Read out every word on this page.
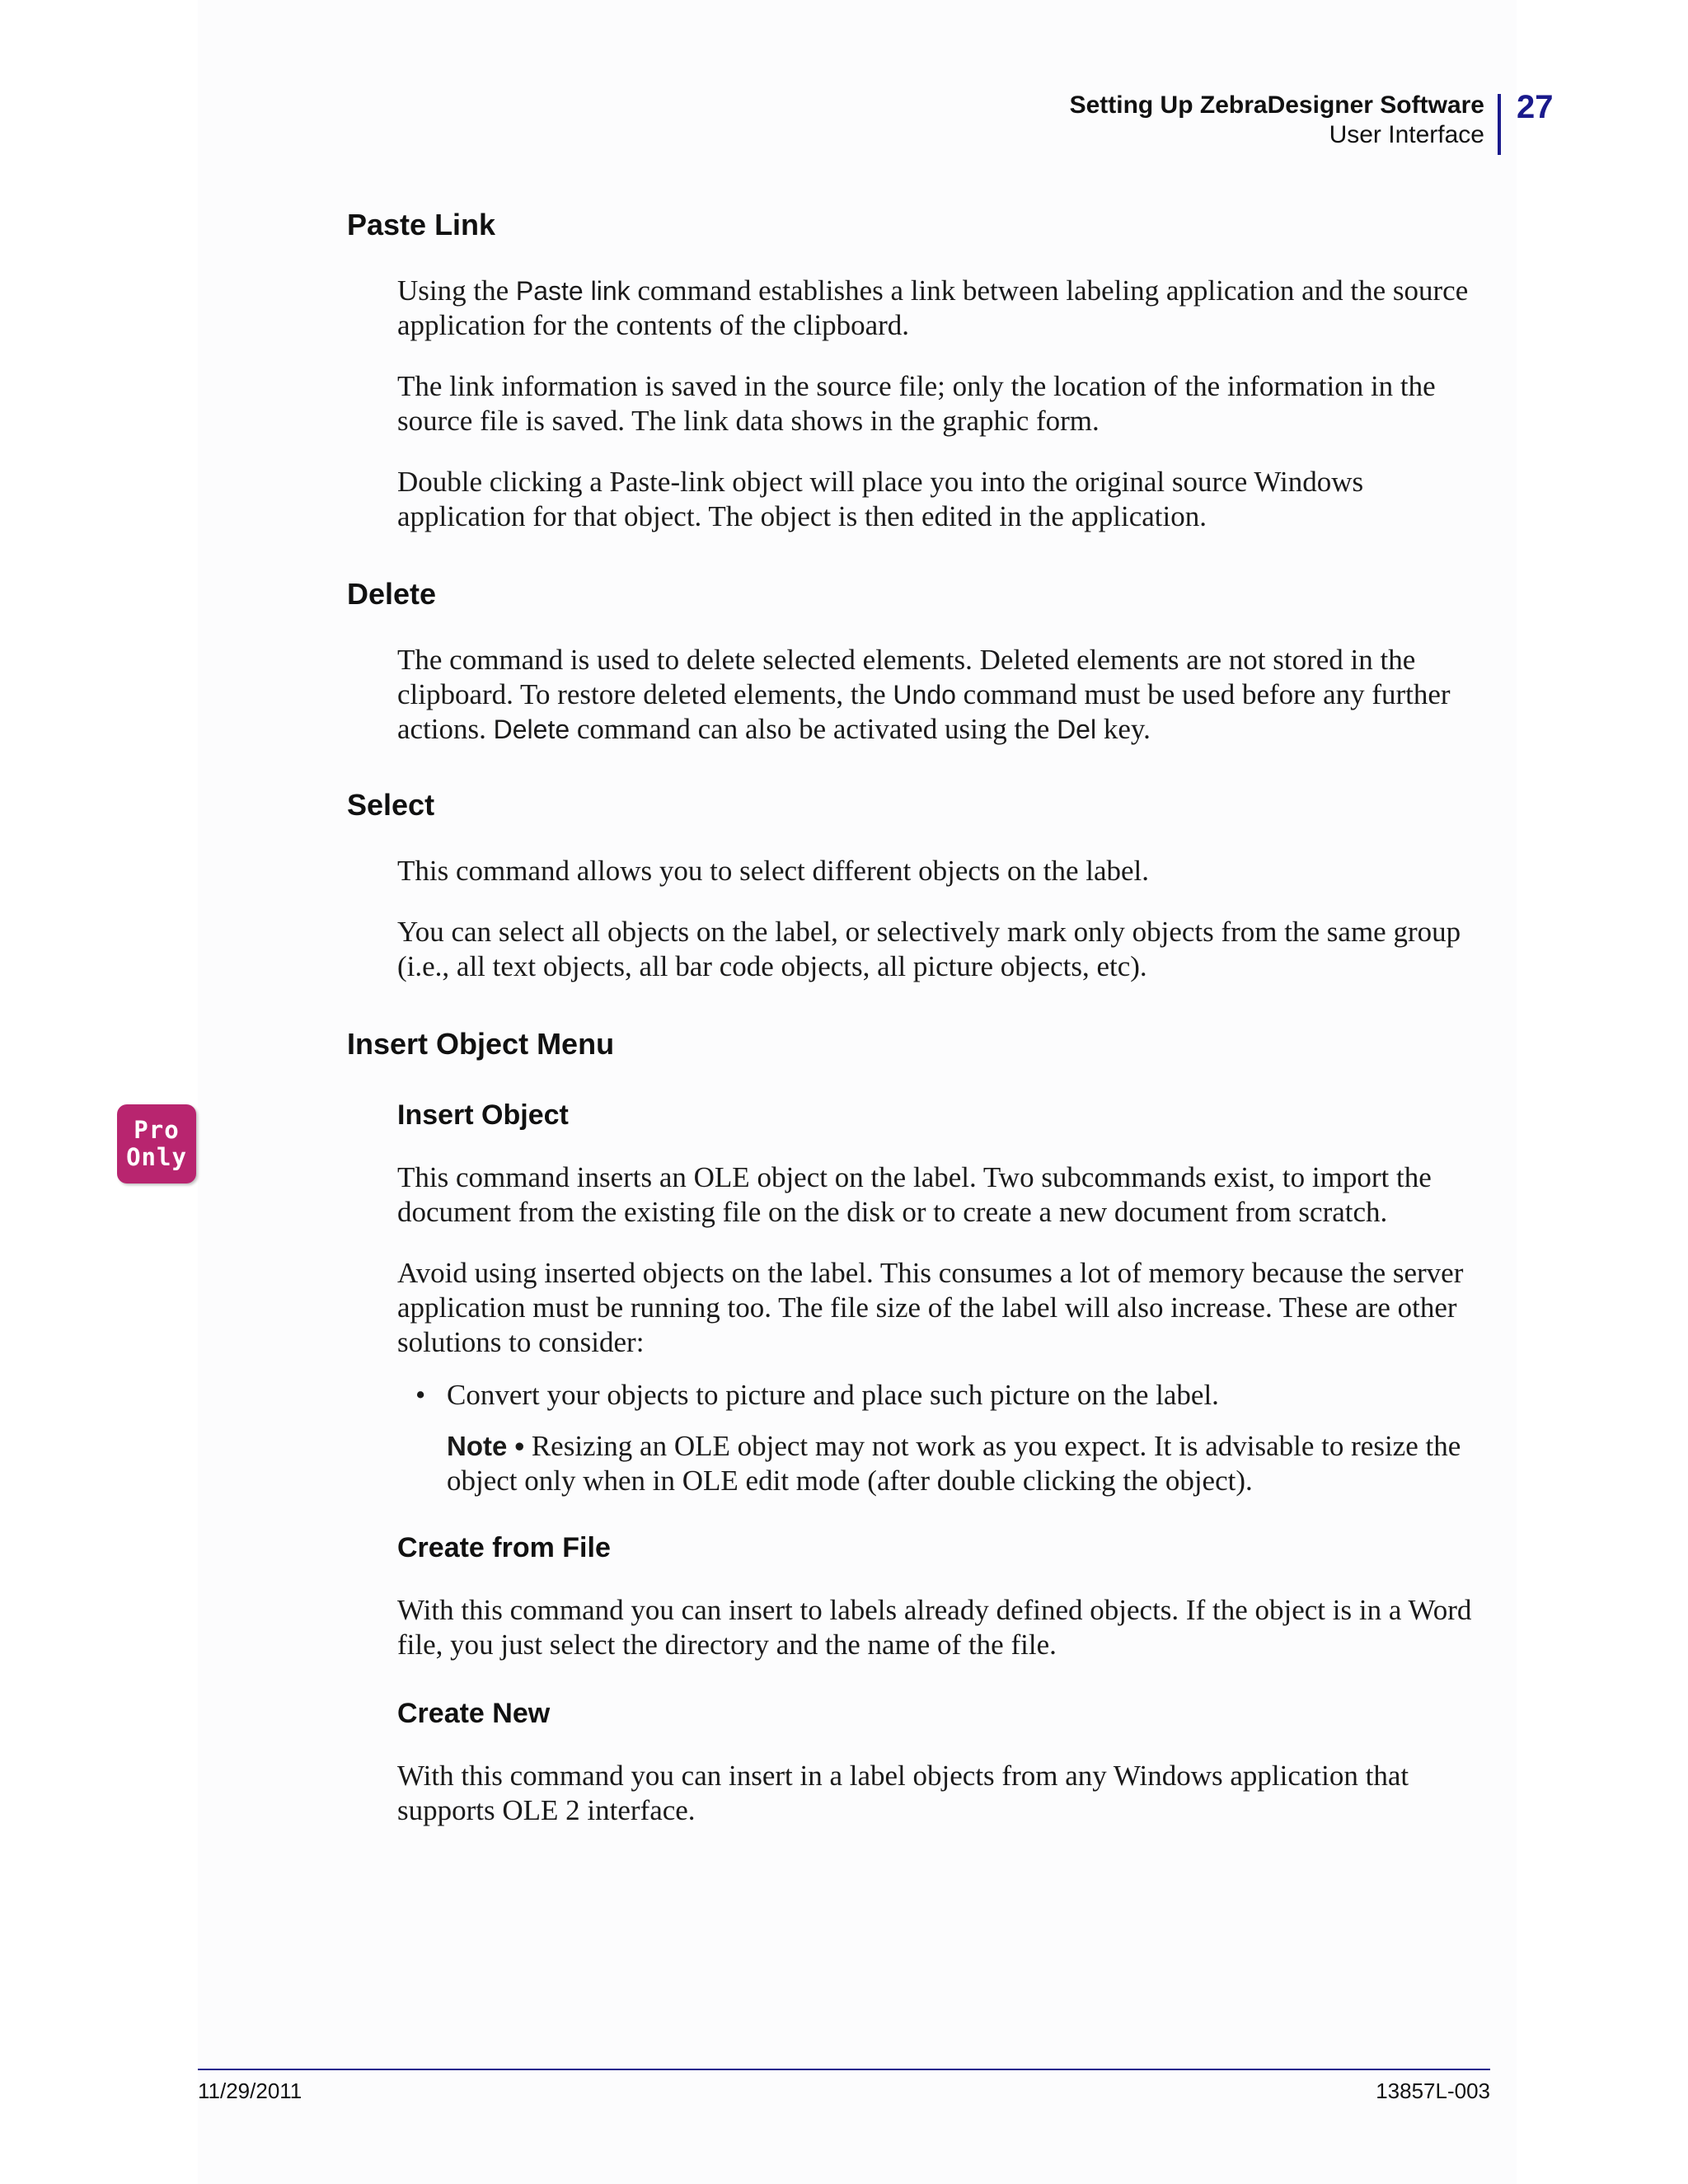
Setting Up ZebraDesigner Software
User Interface
27
Paste Link

Using the Paste link command establishes a link between labeling application and the source application for the contents of the clipboard.

The link information is saved in the source file; only the location of the information in the source file is saved. The link data shows in the graphic form.

Double clicking a Paste-link object will place you into the original source Windows application for that object. The object is then edited in the application.

Delete

The command is used to delete selected elements. Deleted elements are not stored in the clipboard. To restore deleted elements, the Undo command must be used before any further actions. Delete command can also be activated using the Del key.

Select

This command allows you to select different objects on the label.

You can select all objects on the label, or selectively mark only objects from the same group (i.e., all text objects, all bar code objects, all picture objects, etc).

Insert Object Menu
Pro
Only
Insert Object

This command inserts an OLE object on the label. Two subcommands exist, to import the document from the existing file on the disk or to create a new document from scratch.

Avoid using inserted objects on the label. This consumes a lot of memory because the server application must be running too. The file size of the label will also increase. These are other solutions to consider:

• Convert your objects to picture and place such picture on the label.

Note • Resizing an OLE object may not work as you expect. It is advisable to resize the object only when in OLE edit mode (after double clicking the object).

Create from File

With this command you can insert to labels already defined objects. If the object is in a Word file, you just select the directory and the name of the file.

Create New

With this command you can insert in a label objects from any Windows application that supports OLE 2 interface.

11/29/2011	13857L-003
